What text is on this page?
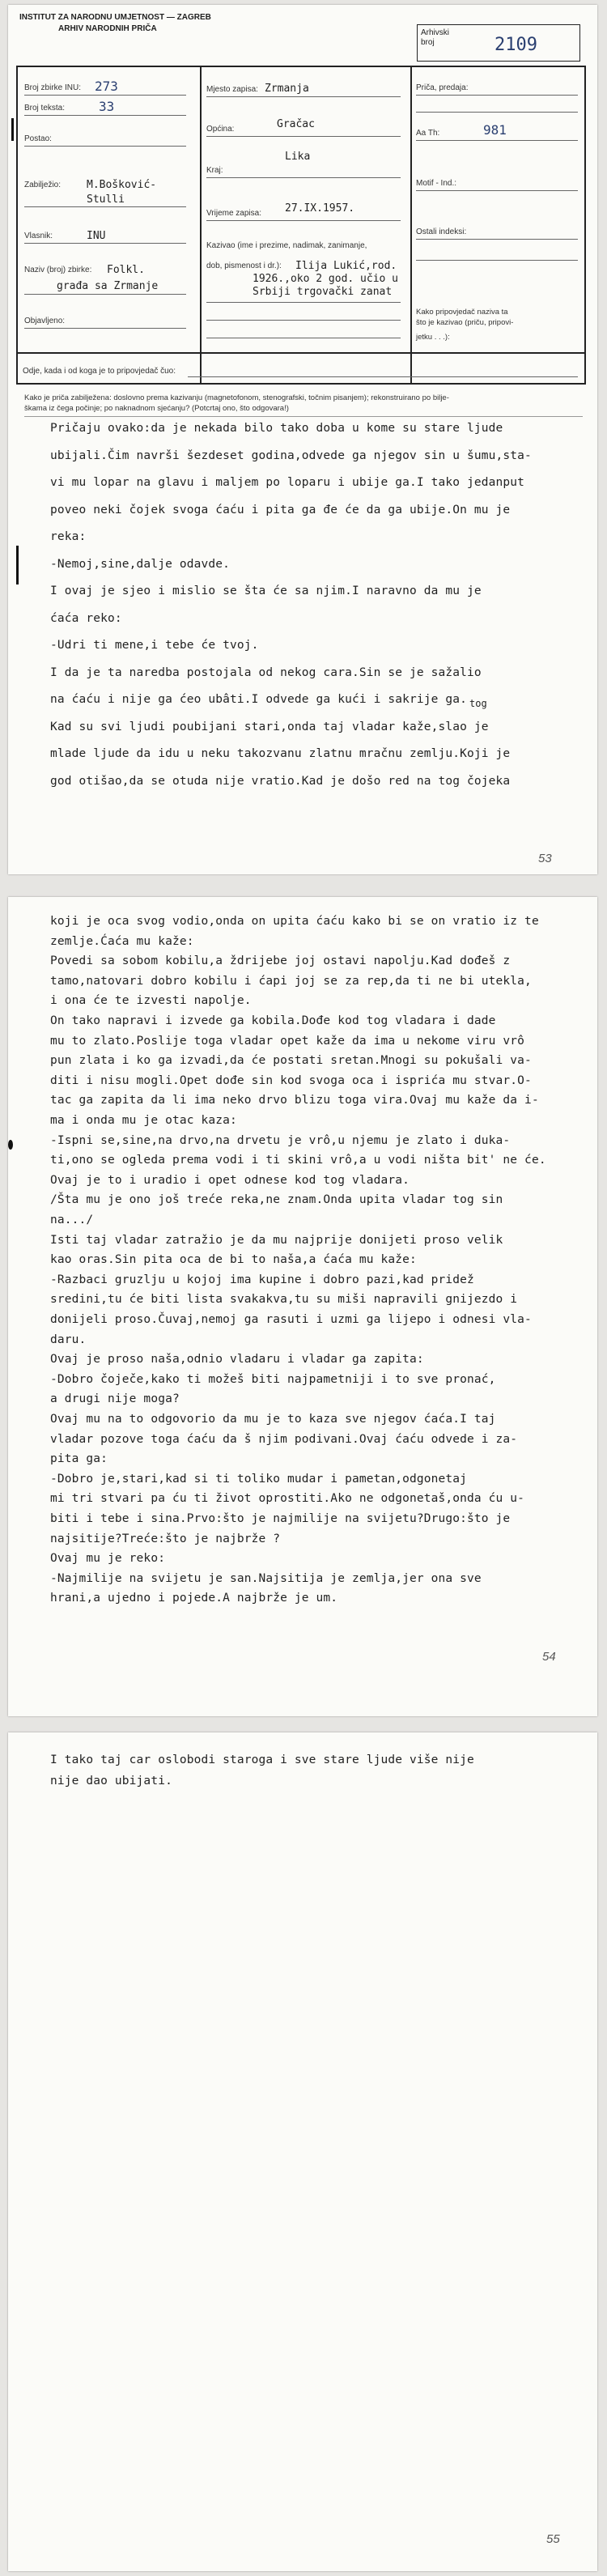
INSTITUT ZA NARODNU UMJETNOST — ZAGREB
ARHIV NARODNIH PRIČA	Arhivski
broj	2109
Broj zbirke INU: 273
Broj teksta:	33
Postao:
Zabilježio: M.Bošković-
Stulli
Vlasnik:	INU
Naziv (broj) zbirke: Folkl.
građa sa Zrmanje
Objavljeno:
Mjesto zapisa: Zrmanja
Općina:	Gračac
Lika
Kraj:
Vrijeme zapisa: 27.IX.1957.
Kazivao (ime i prezime, nadimak, zanimanje,
dob, pismenost i dr.): Ilija Lukić,rod.
1926.,oko 2 god. učio u
Srbiji trgovački zanat
Priča, predaja:
Aa Th:	981
Motif - Ind.:
Ostali indeksi:
Kako pripovjedač naziva ta
što je kazivao (priču, pripovi-
jetku . . .):
Odje, kada i od koga je to pripovjedač čuo:
Kako je priča zabilježena: doslovno prema kazivanju (magnetofonom, stenografski, točnim pisanjem); rekonstruirano po bilje-
škama iz čega počinje; po naknadnom sjećanju? (Potcrtaj ono, što odgovara!)
Pričaju ovako:da je nekada bilo tako doba u kome su stare ljude
ubijali.Čim navrši šezdeset godina,odvede ga njegov sin u šumu,sta-
vi mu lopar na glavu i maljem po loparu i ubije ga.I tako jedanput
poveo neki čojek svoga ćaću i pita ga đe će da ga ubije.On mu je
reka:
-Nemoj,sine,dalje odavde.
I ovaj je sjeo i mislio se šta će sa njim.I naravno da mu je
ćaća reko:
-Udri ti mene,i tebe će tvoj.
I da je ta naredba postojala od nekog cara.Sin se je sažalio
na ćaću i nije ga ćeo ubâti.I odvede ga kući i sakrije ga.
Kad su svi ljudi poubijani stari,onda taj vladar kaže,slao je
mlade ljude da idu u neku takozvanu zlatnu mračnu zemlju.Koji je
god otišao,da se otuda nije vratio.Kad je došo red na tog čojeka
tog
53
koji je oca svog vodio,onda on upita ćaću kako bi se on vratio iz te
zemlje.Ćaća mu kaže:
Povedi sa sobom kobilu,a ždrijebe joj ostavi napolju.Kad dođeš z
tamo,natovari dobro kobilu i ćapi joj se za rep,da ti ne bi utekla,
i ona će te izvesti napolje.
On tako napravi i izvede ga kobila.Dođe kod tog vladara i dade
mu to zlato.Poslije toga vladar opet kaže da ima u nekome viru vrô
pun zlata i ko ga izvadi,da će postati sretan.Mnogi su pokušali va-
diti i nisu mogli.Opet dođe sin kod svoga oca i isprića mu stvar.O-
tac ga zapita da li ima neko drvo blizu toga vira.Ovaj mu kaže da i-
ma i onda mu je otac kaza:
-Ispni se,sine,na drvo,na drvetu je vrô,u njemu je zlato i duka-
ti,ono se ogleda prema vodi i ti skini vrô,a u vodi ništa bit' ne će.
Ovaj je to i uradio i opet odnese kod tog vladara.
/Šta mu je ono još treće reka,ne znam.Onda upita vladar tog sin
na.../
Isti taj vladar zatražio je da mu najprije donijeti proso velik
kao oras.Sin pita oca de bi to naša,a ćaća mu kaže:
-Razbaci gruzlju u kojoj ima kupine i dobro pazi,kad pridež
sredini,tu će biti lista svakakva,tu su miši napravili gnijezdo i
donijeli proso.Čuvaj,nemoj ga rasuti i uzmi ga lijepo i odnesi vla-
daru.
Ovaj je proso naša,odnio vladaru i vladar ga zapita:
-Dobro čoječe,kako ti možeš biti najpametniji i to sve pronać,
a drugi nije moga?
Ovaj mu na to odgovorio da mu je to kaza sve njegov ćaća.I taj
vladar pozove toga ćaću da š njim podivani.Ovaj ćaću odvede i za-
pita ga:
-Dobro je,stari,kad si ti toliko mudar i pametan,odgonetaj
mi tri stvari pa ću ti život oprostiti.Ako ne odgonetaš,onda ću u-
biti i tebe i sina.Prvo:što je najmilije na svijetu?Drugo:što je
najsitije?Treće:što je najbrže ?
Ovaj mu je reko:
-Najmilije na svijetu je san.Najsitija je zemlja,jer ona sve
hrani,a ujedno i pojede.A najbrže je um.
54
I tako taj car oslobodi staroga i sve stare ljude više nije
nije dao ubijati.
55
